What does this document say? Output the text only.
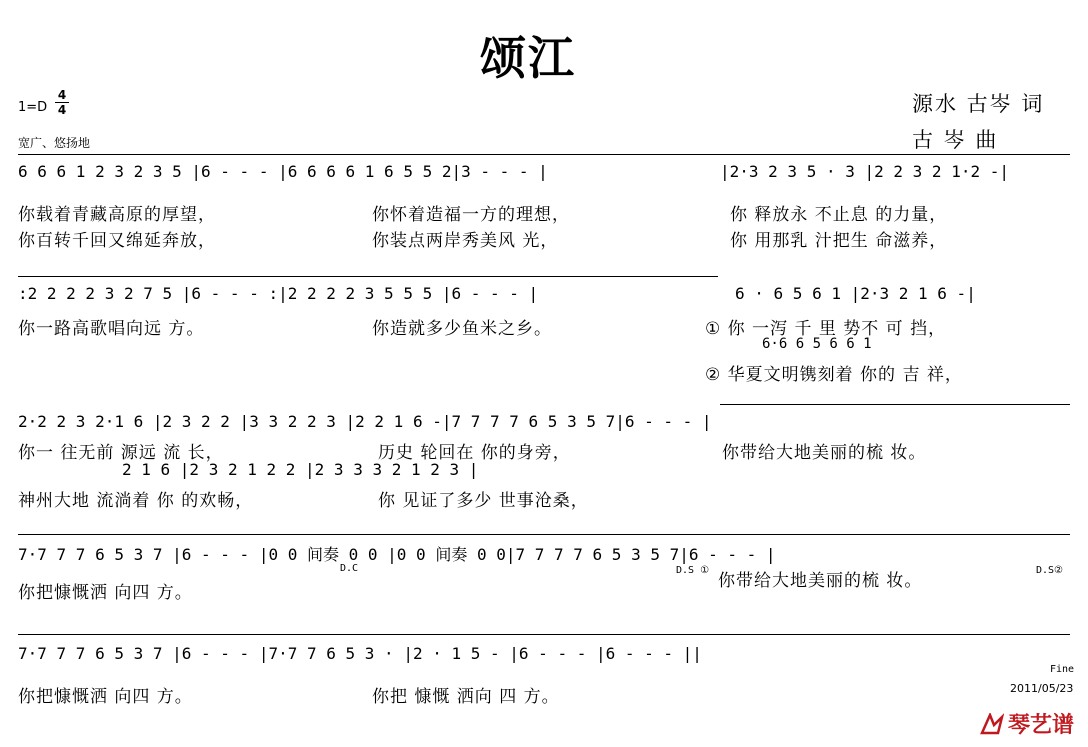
颂江
1=D
4
4
宽广、悠扬地
源水 古岑 词
古 岑 曲
6 6 6 1 2 3 2 3 5 |6 - - - |6 6 6 6 1 6 5 5 2|3 - - - |	|2·3 2 3 5 · 3 |2 2 3 2 1·2 -|
你载着青藏高原的厚望，
你百转千回又绵延奔放，
你怀着造福一方的理想，
你装点两岸秀美风 光，
你 释放永 不止息 的力量，
你 用那乳 汁把生 命滋养，
:2 2 2 2 3 2 7 5 |6 - - - :|2 2 2 2 3 5 5 5 |6 - - - |	6 · 6 5 6 1 |2·3 2 1 6 -|
6·6 6 5 6 6 1
你一路高歌唱向远 方。	你造就多少鱼米之乡。	① 你 一泻 千 里 势不 可 挡，
② 华夏文明镌刻着 你的 吉 祥，
2·2 2 3 2·1 6 |2 3 2 2 |3 3 2 2 3 |2 2 1 6 -|7 7 7 7 6 5 3 5 7|6 - - - |
2 1 6 |2 3 2 1 2 2 |2 3 3 3 2 1 2 3 |
你一 往无前 源远 流 长，
神州大地 流淌着 你 的欢畅，
历史 轮回在 你的身旁，
你 见证了多少 世事沧桑，
你带给大地美丽的梳 妆。
7·7 7 7 6 5 3 7 |6 - - - |0 0 间奏 0 0 |0 0 间奏 0 0|7 7 7 7 6 5 3 5 7|6 - - - |
D.C	D.S ①	D.S②
你把慷慨洒 向四 方。
你带给大地美丽的梳 妆。
7·7 7 7 6 5 3 7 |6 - - - |7·7 7 6 5 3 · |2 · 1 5 - |6 - - - |6 - - - ||
你把慷慨洒 向四 方。	你把 慷慨 洒向 四 方。
Fine
2011/05/23
琴艺谱
